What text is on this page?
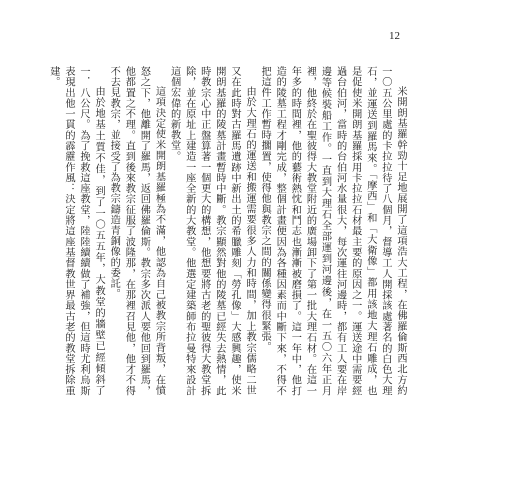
12

米開朗基羅幹勁十足地展開了這項浩大工程，在佛羅倫斯西北方約一〇五公里處的卡拉拉待了八個月，督導工人開採該處著名的白色大理石，並運送到羅馬來。「摩西」和「大衛像」都用該地大理石雕成，也是促使米開朗基羅採用卡拉拉石材最主要的原因之一。運送途中需要經過台伯河，當時的台伯河水量很大，每次運往河邊時，都有工人要在岸邊等候裝船工作。一直到大理石全部運到河邊後，在一五〇六年正月裡，他終於在聖彼得大教堂附近的廣場卸下了第一批大理石材。在這一年多的時間裡，他的藝術熱忱和鬥志也漸漸被磨損了。這一年中，他打造的陵墓工程才剛完成，整個計畫便因為各種因素而中斷下來，不得不把這件工作暫時擱置，使得他與教宗之間的關係變得很緊張。

由於大理石的運送和搬運需要很多人力和時間，加上教宗儒略二世又在此時對古羅馬遺跡中新出土的希臘雕刻「勞孔像」大感興趣，使米開朗基羅的陵墓計畫暫時中斷。教宗顯然對他的陵墓已經失去熱情，此時教宗心中正盤算著一個更大的構想，他想要將古老的聖彼得大教堂拆除，並在原址上建造一座全新的大教堂。他選定建築師布拉曼特來設計這個宏偉的新教堂。

這項決定使米開朗基羅極為不滿，他認為自己被教宗所背叛，在憤怒之下，他離開了羅馬，返回佛羅倫斯。教宗多次派人要他回到羅馬，他都置之不理。直到後來教宗征服了波隆那，在那裡召見他，他才不得不去見教宗，並接受了為教宗鑄造青銅像的委託。

由於地基土質不佳，到了一〇五五年，大教堂的牆壁已經傾斜了一．八公尺。為了挽救這座教堂，陸陸續續做了補強，但這時尤利烏斯表現出他一貫的霹靂作風：決定將這座基督教世界最古老的教堂拆除重建。
